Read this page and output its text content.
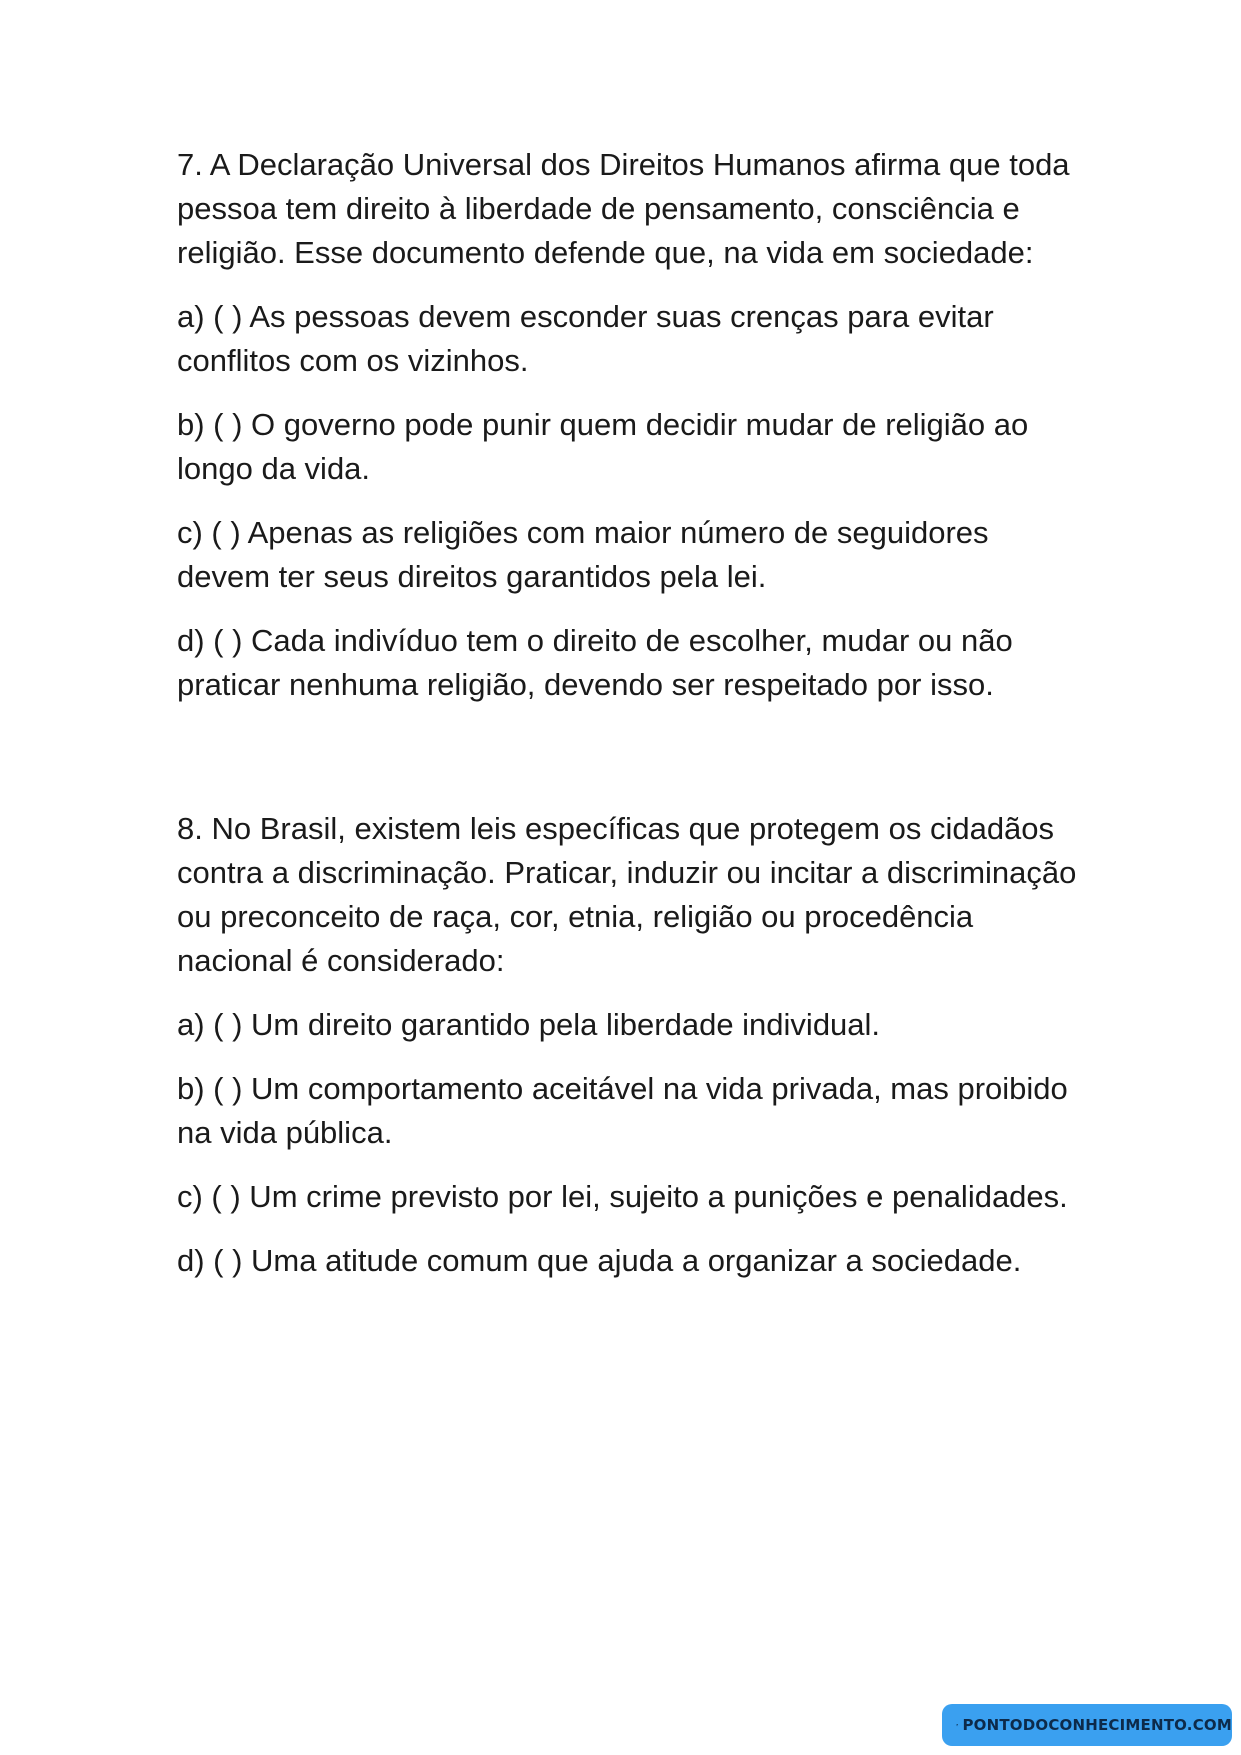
7. A Declaração Universal dos Direitos Humanos afirma que toda pessoa tem direito à liberdade de pensamento, consciência e religião. Esse documento defende que, na vida em sociedade:

a) ( ) As pessoas devem esconder suas crenças para evitar conflitos com os vizinhos.

b) ( ) O governo pode punir quem decidir mudar de religião ao longo da vida.

c) ( ) Apenas as religiões com maior número de seguidores devem ter seus direitos garantidos pela lei.

d) ( ) Cada indivíduo tem o direito de escolher, mudar ou não praticar nenhuma religião, devendo ser respeitado por isso.

8. No Brasil, existem leis específicas que protegem os cidadãos contra a discriminação. Praticar, induzir ou incitar a discriminação ou preconceito de raça, cor, etnia, religião ou procedência nacional é considerado:

a) ( ) Um direito garantido pela liberdade individual.

b) ( ) Um comportamento aceitável na vida privada, mas proibido na vida pública.

c) ( ) Um crime previsto por lei, sujeito a punições e penalidades.

d) ( ) Uma atitude comum que ajuda a organizar a sociedade.

PONTODOCONHECIMENTO.COM
